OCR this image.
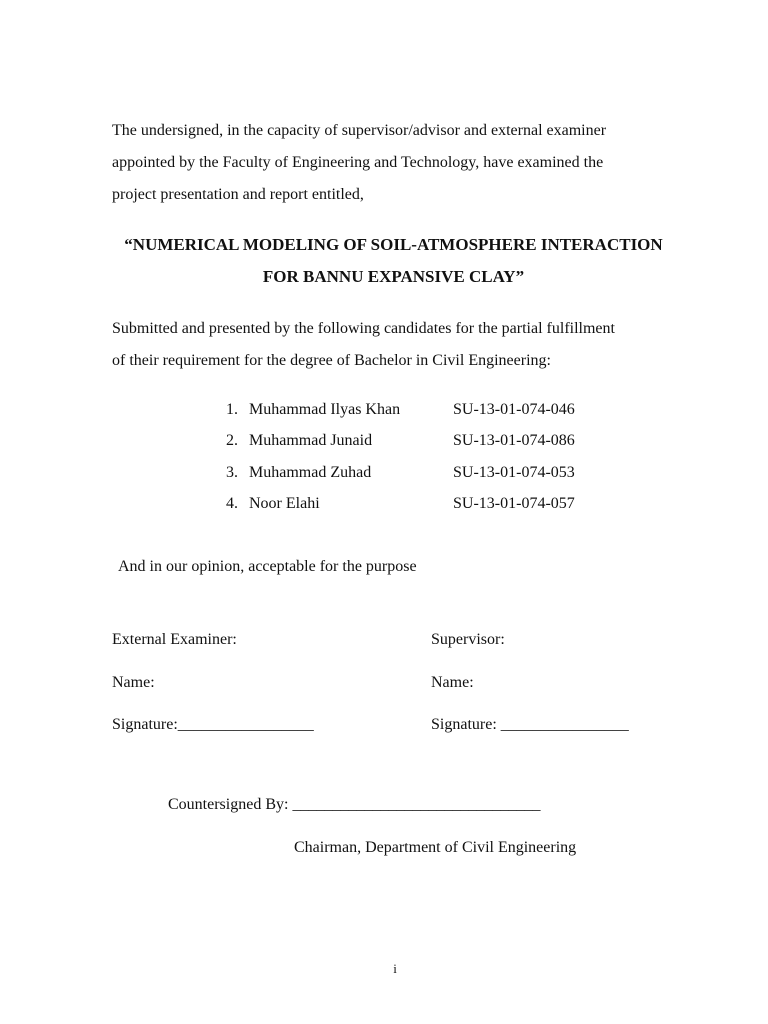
The undersigned, in the capacity of supervisor/advisor and external examiner
appointed by the Faculty of Engineering and Technology, have examined the
project presentation and report entitled,
“NUMERICAL MODELING OF SOIL-ATMOSPHERE INTERACTION
FOR BANNU EXPANSIVE CLAY”
Submitted and presented by the following candidates for the partial fulfillment
of their requirement for the degree of Bachelor in Civil Engineering:
1. Muhammad Ilyas Khan	SU-13-01-074-046
2. Muhammad Junaid	SU-13-01-074-086
3. Muhammad Zuhad	SU-13-01-074-053
4. Noor Elahi	SU-13-01-074-057
And in our opinion, acceptable for the purpose
External Examiner:	Supervisor:
Name:	Name:
Signature:_________________	Signature: ________________
Countersigned By: _______________________________
Chairman, Department of Civil Engineering
i
